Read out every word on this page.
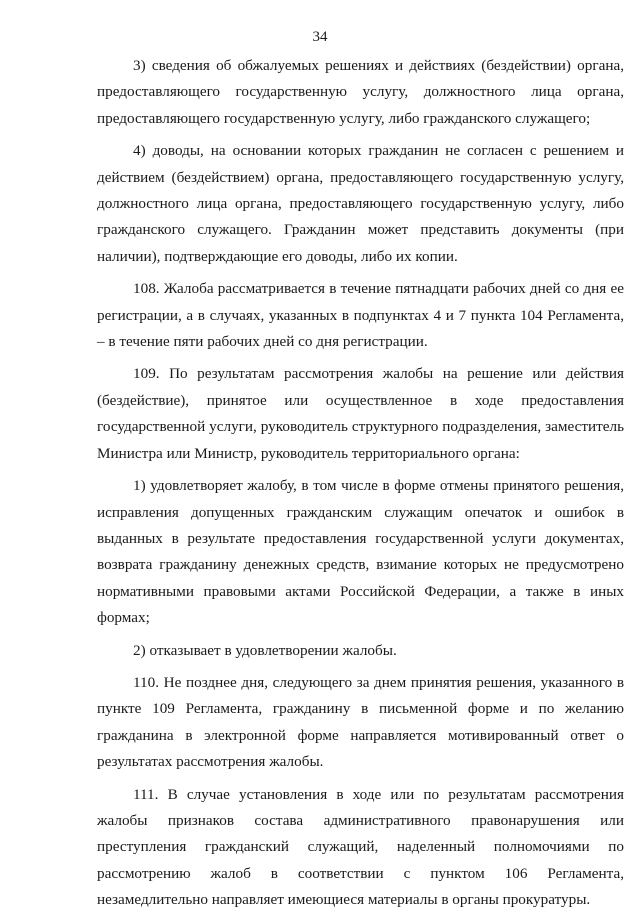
34

3) сведения об обжалуемых решениях и действиях (бездействии) органа, предоставляющего государственную услугу, должностного лица органа, предоставляющего государственную услугу, либо гражданского служащего;

4) доводы, на основании которых гражданин не согласен с решением и действием (бездействием) органа, предоставляющего государственную услугу, должностного лица органа, предоставляющего государственную услугу, либо гражданского служащего. Гражданин может представить документы (при наличии), подтверждающие его доводы, либо их копии.

108. Жалоба рассматривается в течение пятнадцати рабочих дней со дня ее регистрации, а в случаях, указанных в подпунктах 4 и 7 пункта 104 Регламента, – в течение пяти рабочих дней со дня регистрации.

109. По результатам рассмотрения жалобы на решение или действия (бездействие), принятое или осуществленное в ходе предоставления государственной услуги, руководитель структурного подразделения, заместитель Министра или Министр, руководитель территориального органа:

1) удовлетворяет жалобу, в том числе в форме отмены принятого решения, исправления допущенных гражданским служащим опечаток и ошибок в выданных в результате предоставления государственной услуги документах, возврата гражданину денежных средств, взимание которых не предусмотрено нормативными правовыми актами Российской Федерации, а также в иных формах;

2) отказывает в удовлетворении жалобы.

110. Не позднее дня, следующего за днем принятия решения, указанного в пункте 109 Регламента, гражданину в письменной форме и по желанию гражданина в электронной форме направляется мотивированный ответ о результатах рассмотрения жалобы.

111. В случае установления в ходе или по результатам рассмотрения жалобы признаков состава административного правонарушения или преступления гражданский служащий, наделенный полномочиями по рассмотрению жалоб в соответствии с пунктом 106 Регламента, незамедлительно направляет имеющиеся материалы в органы прокуратуры.
